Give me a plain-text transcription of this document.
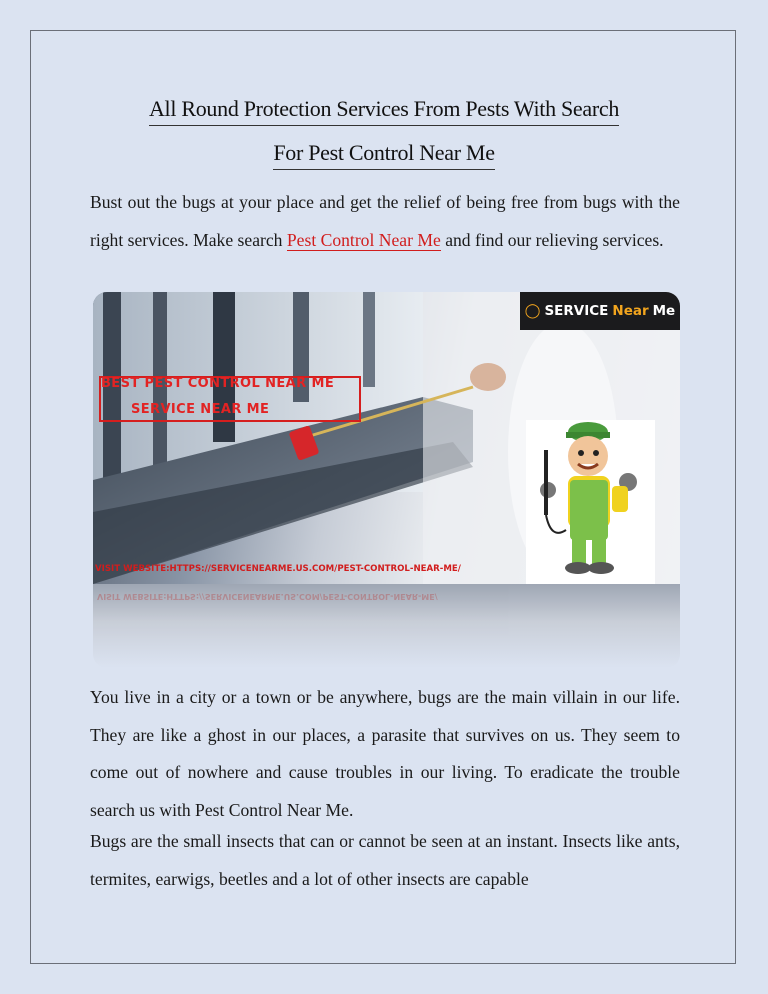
All Round Protection Services From Pests With Search
For Pest Control Near Me

Bust out the bugs at your place and get the relief of being free from bugs with the right services. Make search Pest Control Near Me and find our relieving services.

◯ SERVICE Near Me
BEST PEST CONTROL NEAR ME
SERVICE NEAR ME
VISIT WEBSITE:HTTPS://SERVICENEARME.US.COM/PEST-CONTROL-NEAR-ME/
VISIT WEBSITE:HTTPS://SERVICENEARME.US.COM/PEST-CONTROL-NEAR-ME/

You live in a city or a town or be anywhere, bugs are the main villain in our life. They are like a ghost in our places, a parasite that survives on us. They seem to come out of nowhere and cause troubles in our living. To eradicate the trouble search us with Pest Control Near Me.

Bugs are the small insects that can or cannot be seen at an instant. Insects like ants, termites, earwigs, beetles and a lot of other insects are capable
